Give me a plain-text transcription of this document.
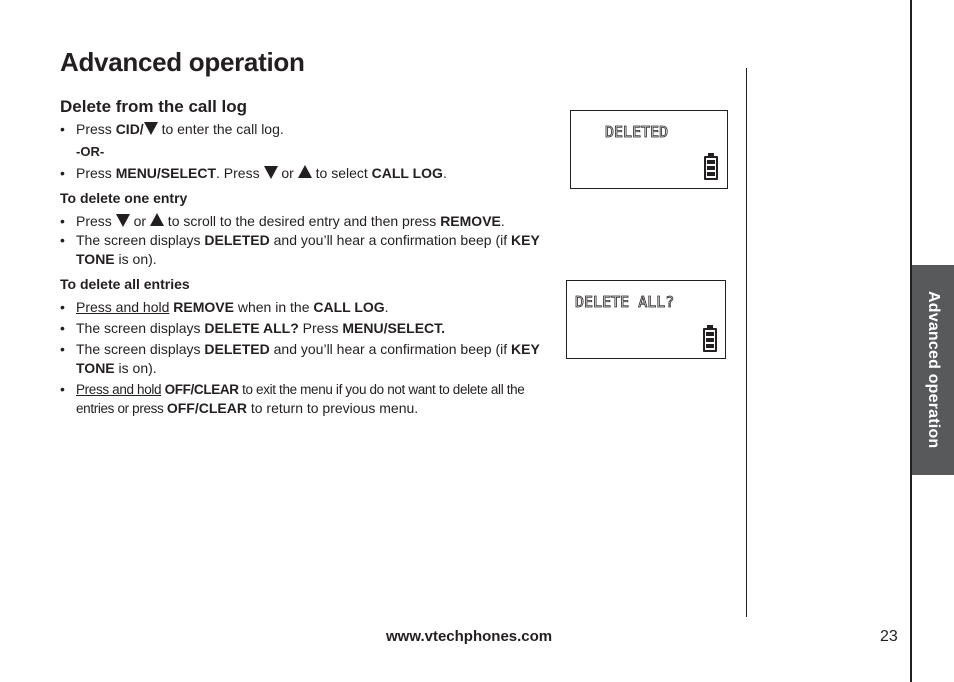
Advanced operation
Advanced operation
Delete from the call log

• Press CID/ to enter the call log.

-OR-

• Press MENU/SELECT. Press  or  to select CALL LOG.

To delete one entry

• Press  or  to scroll to the desired entry and then press REMOVE.

• The screen displays DELETED and you’ll hear a confirmation beep (if KEY TONE is on).

To delete all entries

• Press and hold REMOVE when in the CALL LOG.

• The screen displays DELETE ALL? Press MENU/SELECT.

• The screen displays DELETED and you’ll hear a confirmation beep (if KEY TONE is on).

• Press and hold OFF/CLEAR to exit the menu if you do not want to delete all the entries or press OFF/CLEAR to return to previous menu.

DELETED
DELETE ALL?
www.vtechphones.com	23
